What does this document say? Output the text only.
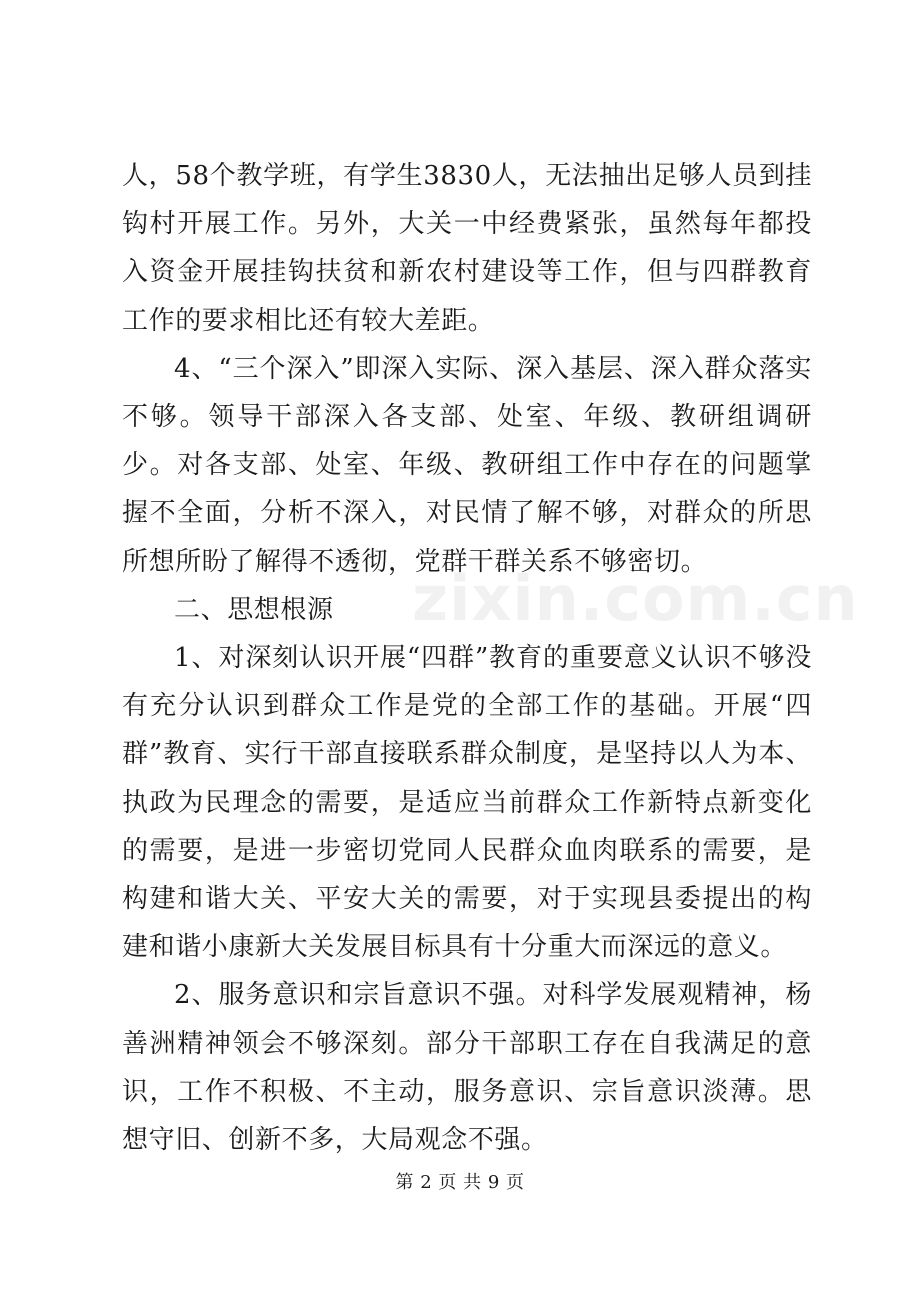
zixin.com.cn

人，58个教学班，有学生3830人，无法抽出足够人员到挂钩村开展工作。另外，大关一中经费紧张，虽然每年都投入资金开展挂钩扶贫和新农村建设等工作，但与四群教育工作的要求相比还有较大差距。

4、“三个深入”即深入实际、深入基层、深入群众落实不够。领导干部深入各支部、处室、年级、教研组调研少。对各支部、处室、年级、教研组工作中存在的问题掌握不全面，分析不深入，对民情了解不够，对群众的所思所想所盼了解得不透彻，党群干群关系不够密切。

二、思想根源

1、对深刻认识开展“四群”教育的重要意义认识不够没有充分认识到群众工作是党的全部工作的基础。开展“四群”教育、实行干部直接联系群众制度，是坚持以人为本、执政为民理念的需要，是适应当前群众工作新特点新变化的需要，是进一步密切党同人民群众血肉联系的需要，是构建和谐大关、平安大关的需要，对于实现县委提出的构建和谐小康新大关发展目标具有十分重大而深远的意义。

2、服务意识和宗旨意识不强。对科学发展观精神，杨善洲精神领会不够深刻。部分干部职工存在自我满足的意识，工作不积极、不主动，服务意识、宗旨意识淡薄。思想守旧、创新不多，大局观念不强。

第 2 页 共 9 页
